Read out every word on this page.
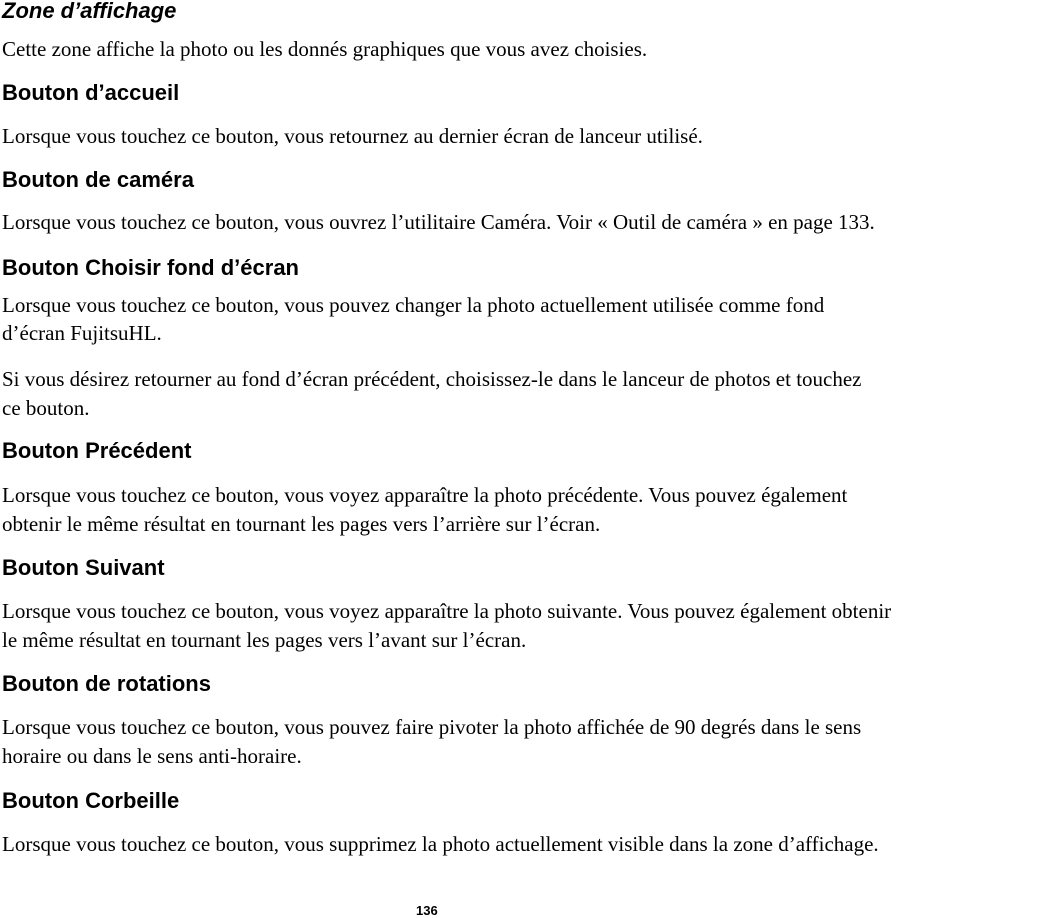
Zone d’affichage
Cette zone affiche la photo ou les donnés graphiques que vous avez choisies.
Bouton d’accueil
Lorsque vous touchez ce bouton, vous retournez au dernier écran de lanceur utilisé.
Bouton de caméra
Lorsque vous touchez ce bouton, vous ouvrez l’utilitaire Caméra. Voir « Outil de caméra » en page 133.
Bouton Choisir fond d’écran
Lorsque vous touchez ce bouton, vous pouvez changer la photo actuellement utilisée comme fond
d’écran FujitsuHL.
Si vous désirez retourner au fond d’écran précédent, choisissez-le dans le lanceur de photos et touchez
ce bouton.
Bouton Précédent
Lorsque vous touchez ce bouton, vous voyez apparaître la photo précédente. Vous pouvez également
obtenir le même résultat en tournant les pages vers l’arrière sur l’écran.
Bouton Suivant
Lorsque vous touchez ce bouton, vous voyez apparaître la photo suivante. Vous pouvez également obtenir
le même résultat en tournant les pages vers l’avant sur l’écran.
Bouton de rotations
Lorsque vous touchez ce bouton, vous pouvez faire pivoter la photo affichée de 90 degrés dans le sens
horaire ou dans le sens anti-horaire.
Bouton Corbeille
Lorsque vous touchez ce bouton, vous supprimez la photo actuellement visible dans la zone d’affichage.
136
